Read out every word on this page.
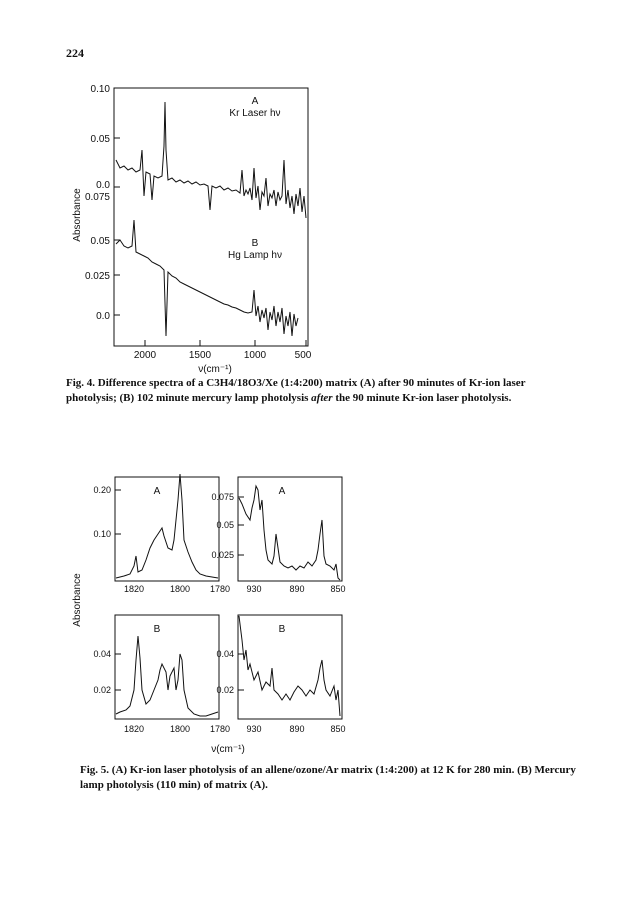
224
0.10
0.05
0.0
0.075
0.05
0.025
0.0
2000	1500	1000	500
ν(cm⁻¹)
Absorbance
A
Kr Laser hν
B
Hg Lamp hν
0.20
0.10
0.075
0.05
0.025
0.04
0.02
0.04
0.02
1820	1800 1780 930	890	850
1820	1800 1780 930	890	850
A	A
B	B
ν(cm⁻¹)
Absorbance
Fig. 4. Difference spectra of a C3H4/18O3/Xe (1:4:200) matrix (A) after 90 minutes of Kr-ion laser photolysis; (B) 102 minute mercury lamp photolysis after the 90 minute Kr-ion laser photolysis.
Fig. 5. (A) Kr-ion laser photolysis of an allene/ozone/Ar matrix (1:4:200) at 12 K for 280 min. (B) Mercury lamp photolysis (110 min) of matrix (A).
